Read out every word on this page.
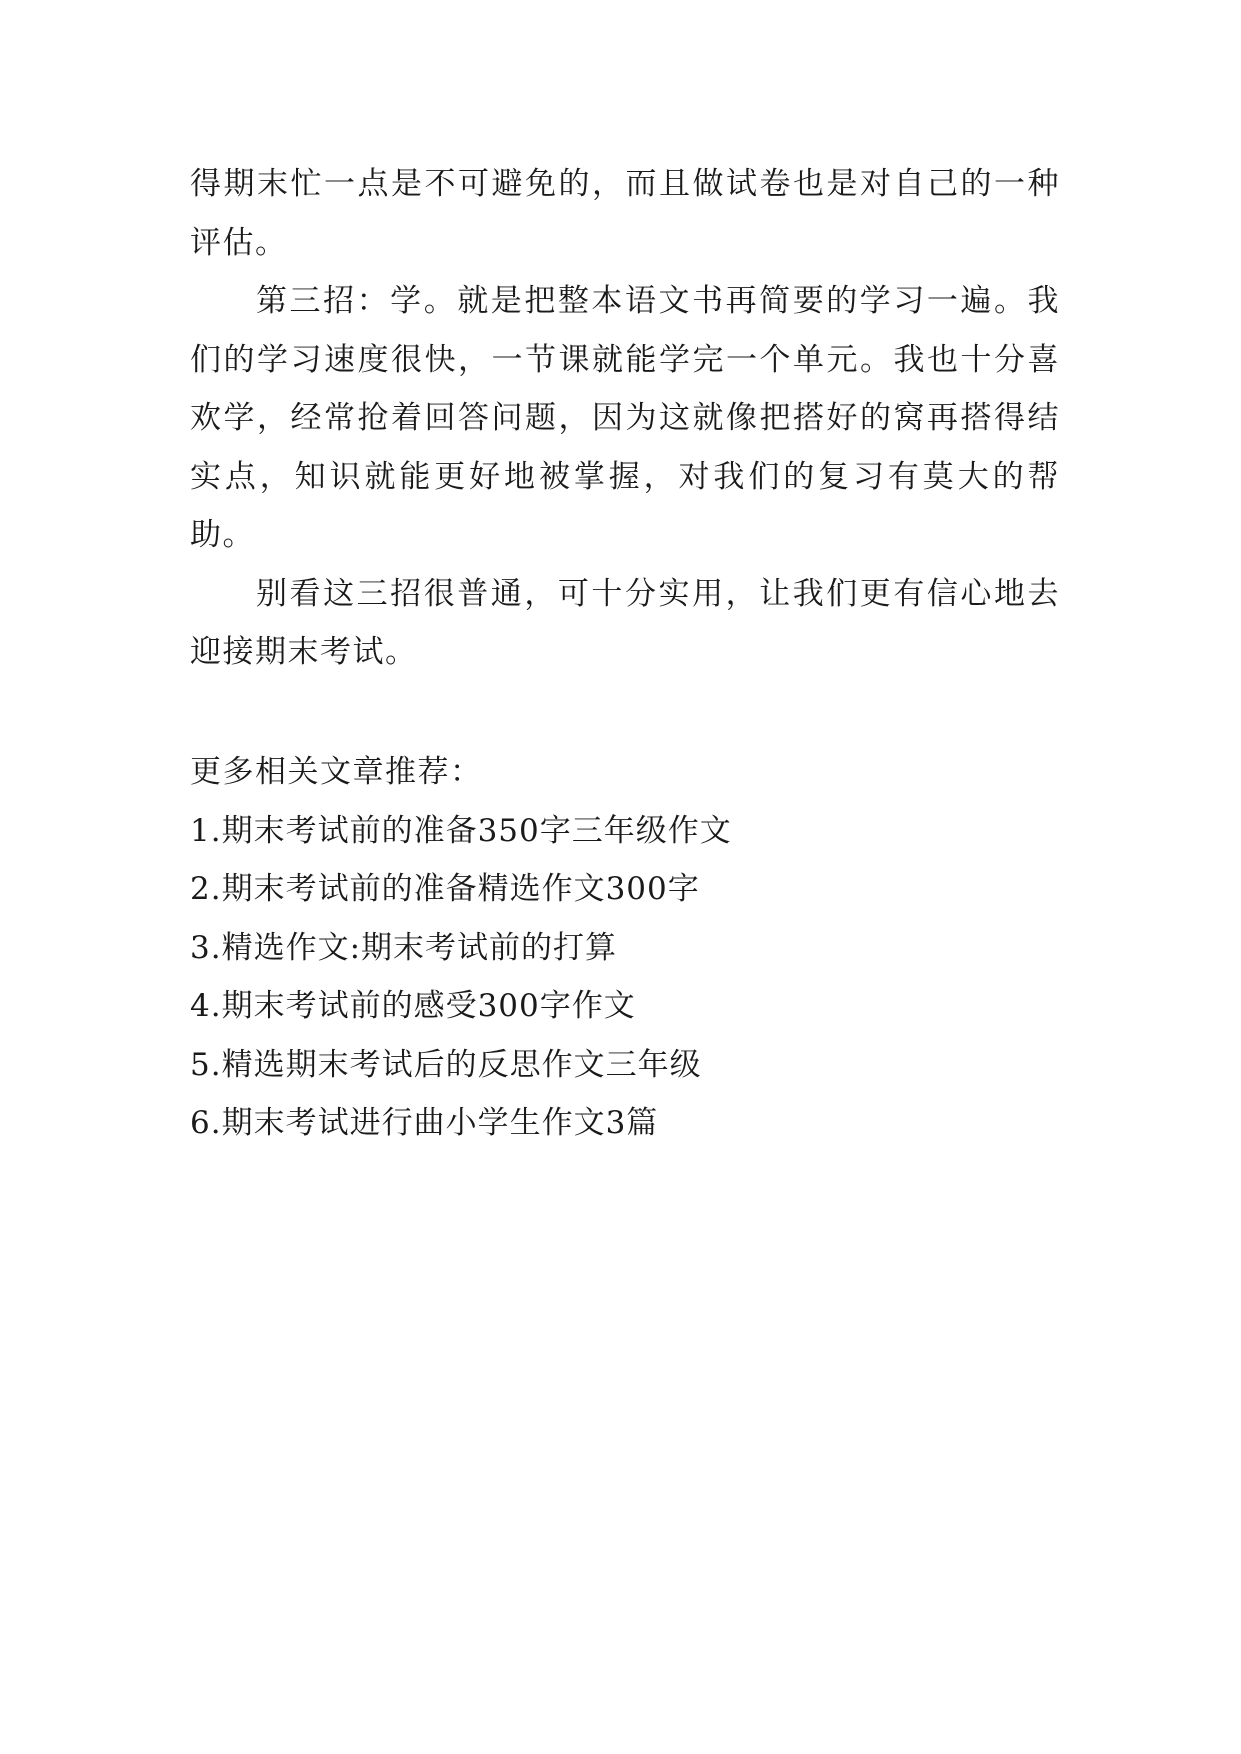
得期末忙一点是不可避免的，而且做试卷也是对自己的一种评估。

第三招：学。就是把整本语文书再简要的学习一遍。我们的学习速度很快，一节课就能学完一个单元。我也十分喜欢学，经常抢着回答问题，因为这就像把搭好的窝再搭得结实点，知识就能更好地被掌握，对我们的复习有莫大的帮助。

别看这三招很普通，可十分实用，让我们更有信心地去迎接期末考试。

更多相关文章推荐：

1.期末考试前的准备350字三年级作文
2.期末考试前的准备精选作文300字
3.精选作文:期末考试前的打算
4.期末考试前的感受300字作文
5.精选期末考试后的反思作文三年级
6.期末考试进行曲小学生作文3篇
